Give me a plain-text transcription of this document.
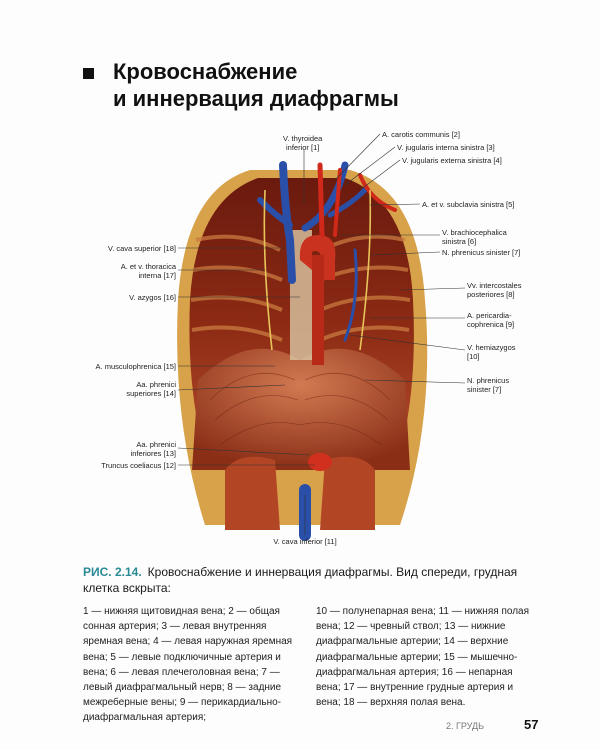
Кровоснабжение
и иннервация диафрагмы
V. thyroidea
inferior [1]
A. carotis communis [2]
V. jugularis interna sinistra [3]
V. jugularis externa sinistra [4]
A. et v. subclavia sinistra [5]
V. brachiocephalica
sinistra [6]
N. phrenicus sinister [7]
Vv. intercostales
posteriores [8]
A. pericardia-
cophrenica [9]
V. hemiazygos
[10]
N. phrenicus
sinister [7]
V. cava superior [18]
A. et v. thoracica
interna [17]
V. azygos [16]
A. musculophrenica [15]
Aa. phrenici
superiores [14]
Aa. phrenici
inferiores [13]
Truncus coeliacus [12]
V. cava inferior [11]
РИС. 2.14. Кровоснабжение и иннервация диафрагмы. Вид спереди, грудная клетка вскрыта:
1 — нижняя щитовидная вена; 2 — общая сонная артерия; 3 — левая внутренняя яремная вена; 4 — левая наружная яремная вена; 5 — левые подключичные артерия и вена; 6 — левая плечеголовная вена; 7 — левый диафрагмальный нерв; 8 — задние межреберные вены; 9 — перикардиально-диафрагмальная артерия;
10 — полунепарная вена; 11 — нижняя полая вена; 12 — чревный ствол; 13 — нижние диафрагмальные артерии; 14 — верхние диафрагмальные артерии; 15 — мышечно-диафрагмальная артерия; 16 — непарная вена; 17 — внутренние грудные артерия и вена; 18 — верхняя полая вена.
2. ГРУДЬ	57
